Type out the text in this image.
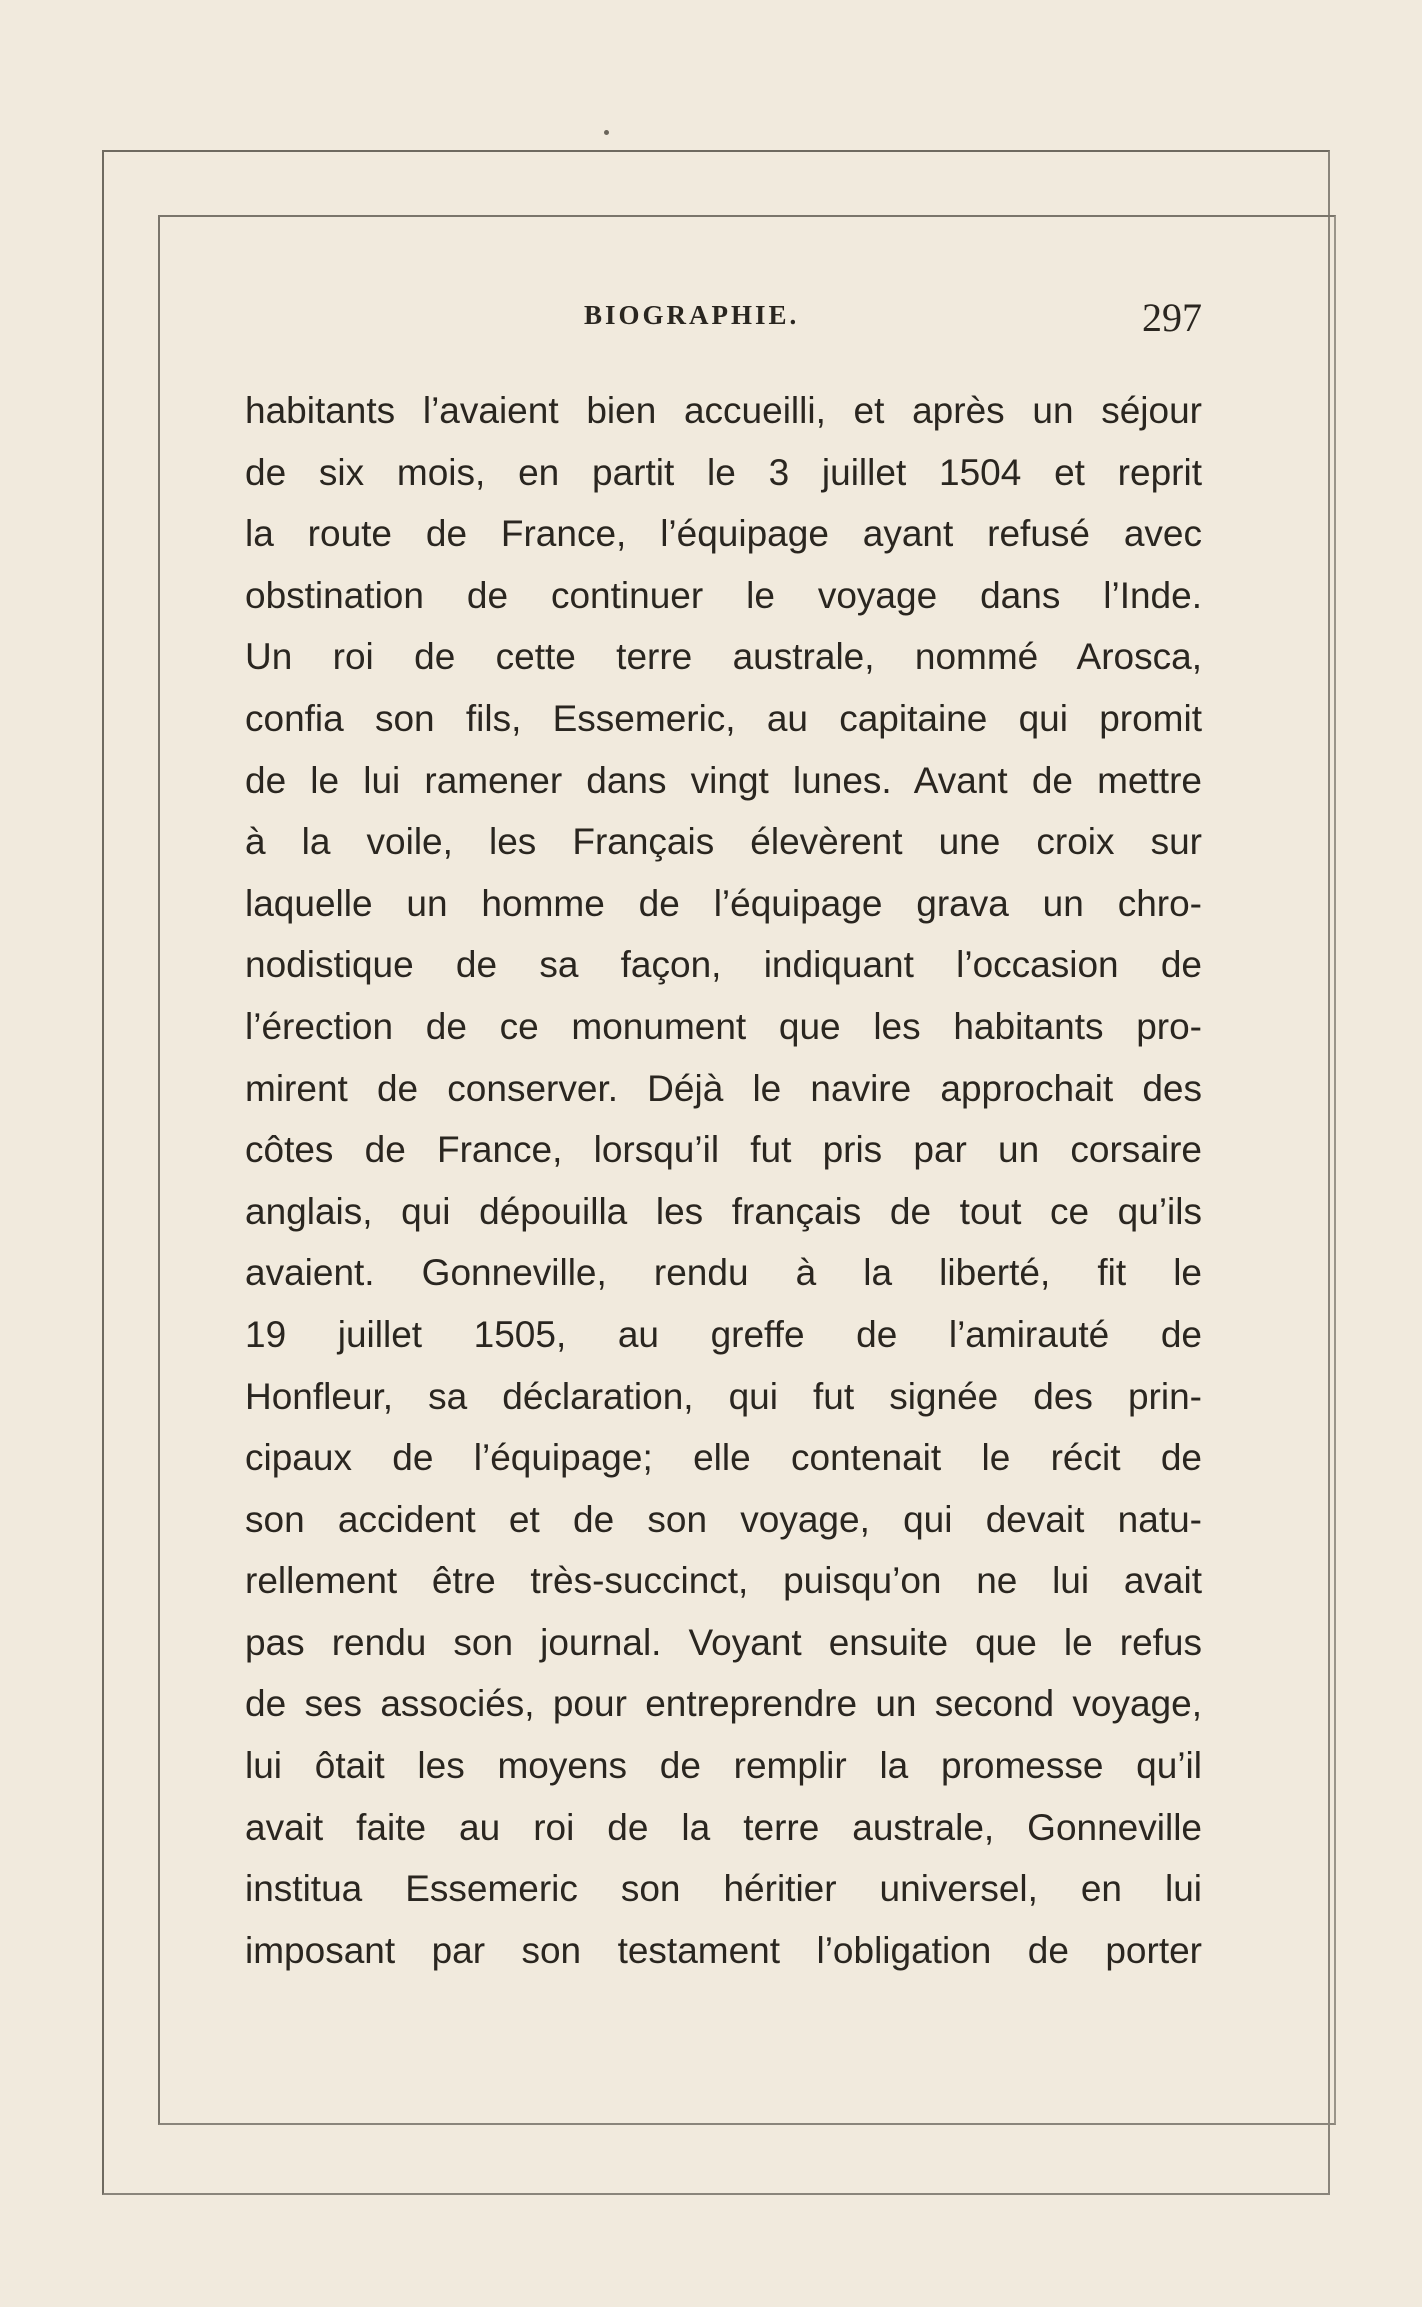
BIOGRAPHIE.	297
habitants l’avaient bien accueilli, et après un séjour
de six mois, en partit le 3 juillet 1504 et reprit
la route de France, l’équipage ayant refusé avec
obstination de continuer le voyage dans l’Inde.
Un roi de cette terre australe, nommé Arosca,
confia son fils, Essemeric, au capitaine qui promit
de le lui ramener dans vingt lunes. Avant de mettre
à la voile, les Français élevèrent une croix sur
laquelle un homme de l’équipage grava un chro-
nodistique de sa façon, indiquant l’occasion de
l’érection de ce monument que les habitants pro-
mirent de conserver. Déjà le navire approchait des
côtes de France, lorsqu’il fut pris par un corsaire
anglais, qui dépouilla les français de tout ce qu’ils
avaient. Gonneville, rendu à la liberté, fit le
19 juillet 1505, au greffe de l’amirauté de
Honfleur, sa déclaration, qui fut signée des prin-
cipaux de l’équipage; elle contenait le récit de
son accident et de son voyage, qui devait natu-
rellement être très-succinct, puisqu’on ne lui avait
pas rendu son journal. Voyant ensuite que le refus
de ses associés, pour entreprendre un second voyage,
lui ôtait les moyens de remplir la promesse qu’il
avait faite au roi de la terre australe, Gonneville
institua Essemeric son héritier universel, en lui
imposant par son testament l’obligation de porter
